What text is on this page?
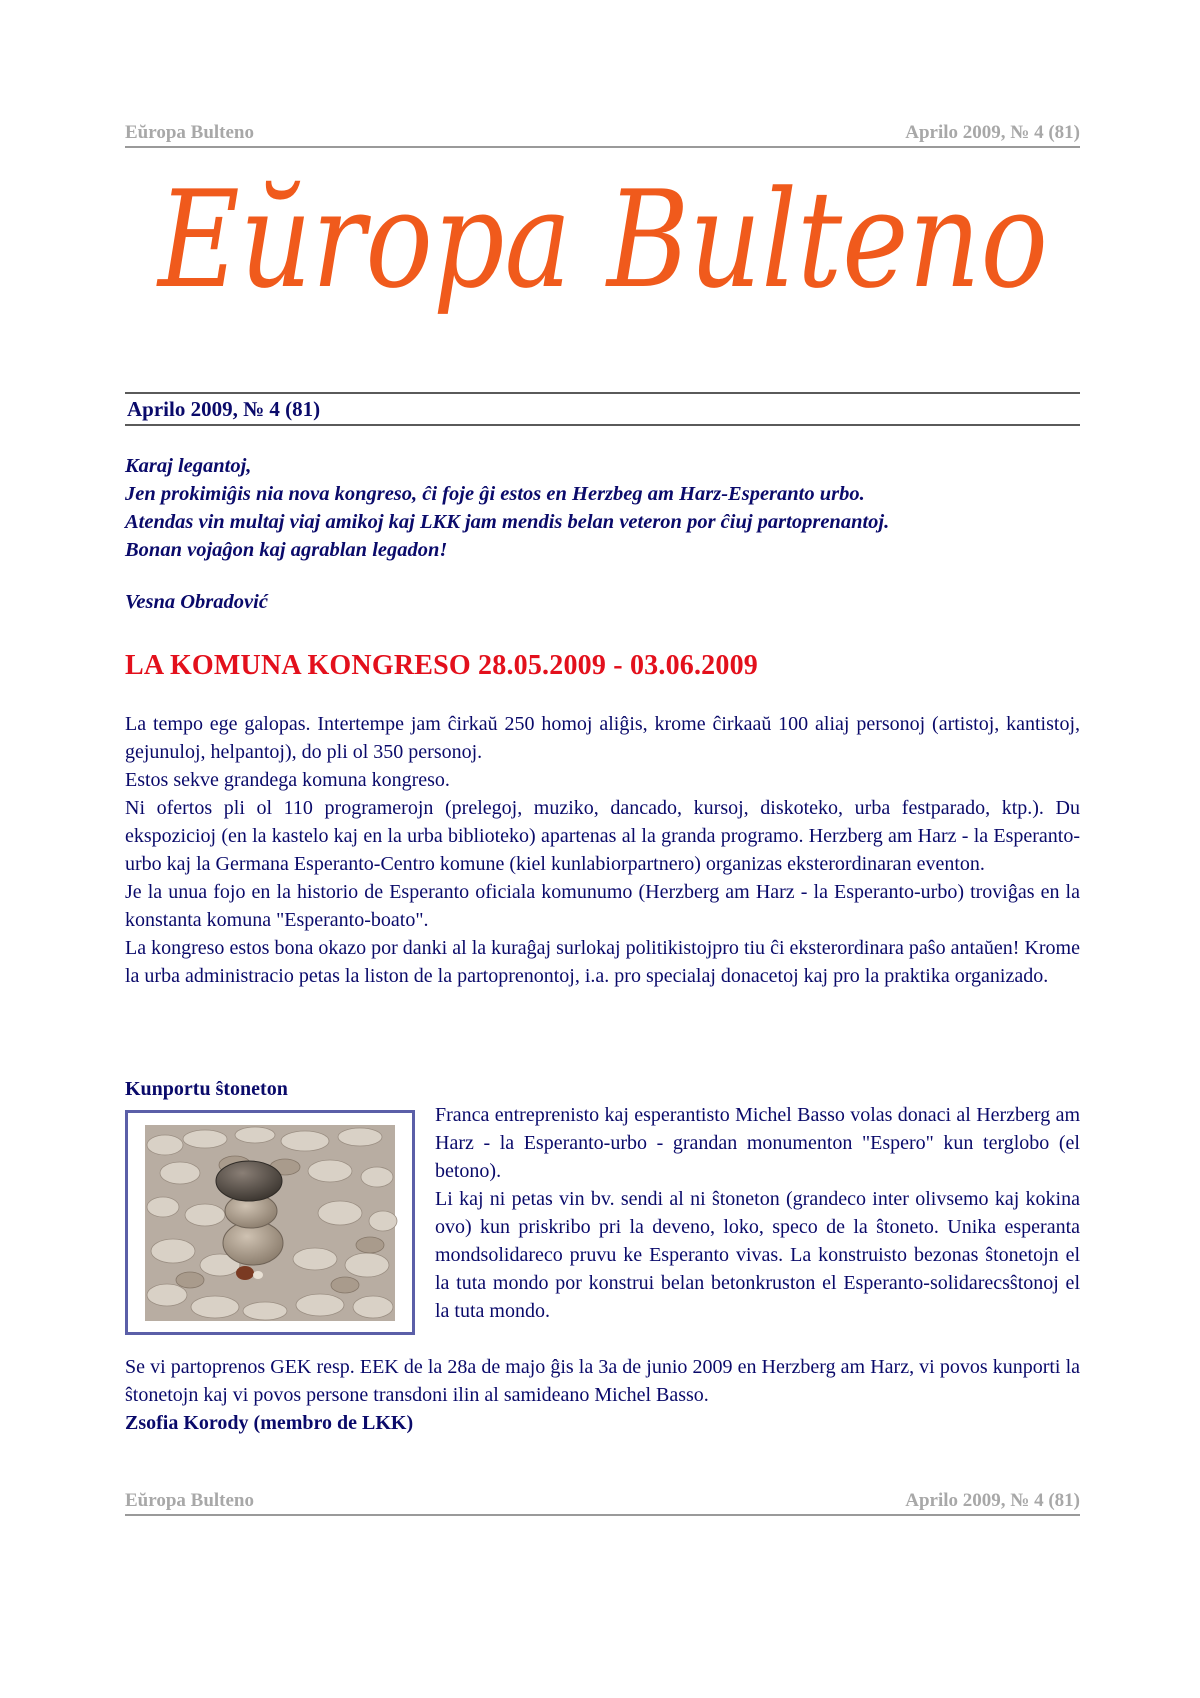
Eŭropa Bulteno	Aprilo 2009, № 4 (81)
Eŭropa Bulteno
Aprilo 2009, № 4 (81)

Karaj legantoj,

Jen prokimiĝis nia nova kongreso, ĉi foje ĝi estos en Herzbeg am Harz-Esperanto urbo.

Atendas vin multaj viaj amikoj kaj LKK jam mendis belan veteron por ĉiuj partoprenantoj.

Bonan vojaĝon kaj agrablan legadon!

Vesna Obradović

LA KOMUNA KONGRESO 28.05.2009 - 03.06.2009

La tempo ege galopas. Intertempe jam ĉirkaŭ 250 homoj aliĝis, krome ĉirkaaŭ 100 aliaj personoj (artistoj, kantistoj, gejunuloj, helpantoj), do pli ol 350 personoj.

Estos sekve grandega komuna kongreso.

Ni ofertos pli ol 110 programerojn (prelegoj, muziko, dancado, kursoj, diskoteko, urba festparado, ktp.). Du ekspozicioj (en la kastelo kaj en la urba biblioteko) apartenas al la granda programo. Herzberg am Harz - la Esperanto-urbo kaj la Germana Esperanto-Centro komune (kiel kunlabiorpartnero) organizas eksterordinaran eventon.

Je la unua fojo en la historio de Esperanto oficiala komunumo (Herzberg am Harz - la Esperanto-urbo) troviĝas en la konstanta komuna "Esperanto-boato".

La kongreso estos bona okazo por danki al la kuraĝaj surlokaj politikistojpro tiu ĉi eksterordinara paŝo antaŭen! Krome la urba administracio petas la liston de la partoprenontoj, i.a. pro specialaj donacetoj kaj pro la praktika organizado.

Kunportu ŝtoneton

Franca entreprenisto kaj esperantisto Michel Basso volas donaci al Herzberg am Harz - la Esperanto-urbo - grandan monumenton "Espero" kun terglobo (el betono).

Li kaj ni petas vin bv. sendi al ni ŝtoneton (grandeco inter olivsemo kaj kokina ovo) kun priskribo pri la deveno, loko, speco de la ŝtoneto. Unika esperanta mondsolidareco pruvu ke Esperanto vivas. La konstruisto bezonas ŝtonetojn el la tuta mondo por konstrui belan betonkruston el Esperanto-solidarecsŝtonoj el la tuta mondo.

Se vi partoprenos GEK resp. EEK de la 28a de majo ĝis la 3a de junio 2009 en Herzberg am Harz, vi povos kunporti la ŝtonetojn kaj vi povos persone transdoni ilin al samideano Michel Basso.

Zsofia Korody (membro de LKK)

Eŭropa Bulteno	Aprilo 2009, № 4 (81)
